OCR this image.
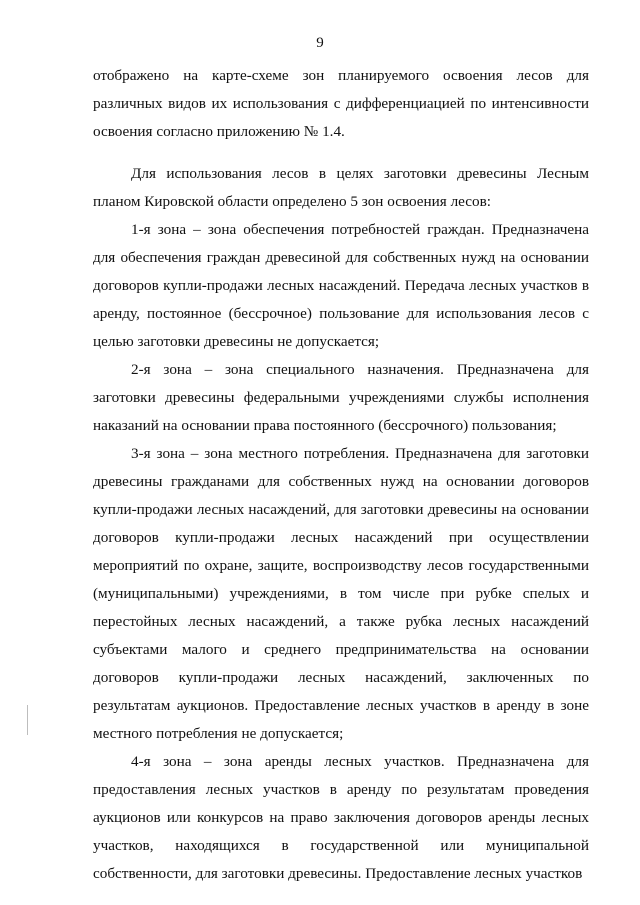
9

отображено на карте-схеме зон планируемого освоения лесов для различных видов их использования с дифференциацией по интенсивности освоения согласно приложению № 1.4.

Для использования лесов в целях заготовки древесины Лесным планом Кировской области определено 5 зон освоения лесов:

1-я зона – зона обеспечения потребностей граждан. Предназначена для обеспечения граждан древесиной для собственных нужд на основании договоров купли-продажи лесных насаждений. Передача лесных участков в аренду, постоянное (бессрочное) пользование для использования лесов с целью заготовки древесины не допускается;

2-я зона – зона специального назначения. Предназначена для заготовки древесины федеральными учреждениями службы исполнения наказаний на основании права постоянного (бессрочного) пользования;

3-я зона – зона местного потребления. Предназначена для заготовки древесины гражданами для собственных нужд на основании договоров купли-продажи лесных насаждений, для заготовки древесины на основании договоров купли-продажи лесных насаждений при осуществлении мероприятий по охране, защите, воспроизводству лесов государственными (муниципальными) учреждениями, в том числе при рубке спелых и перестойных лесных насаждений, а также рубка лесных насаждений субъектами малого и среднего предпринимательства на основании договоров купли-продажи лесных насаждений, заключенных по результатам аукционов. Предоставление лесных участков в аренду в зоне местного потребления не допускается;

4-я зона – зона аренды лесных участков. Предназначена для предоставления лесных участков в аренду по результатам проведения аукционов или конкурсов на право заключения договоров аренды лесных участков, находящихся в государственной или муниципальной собственности, для заготовки древесины. Предоставление лесных участков
